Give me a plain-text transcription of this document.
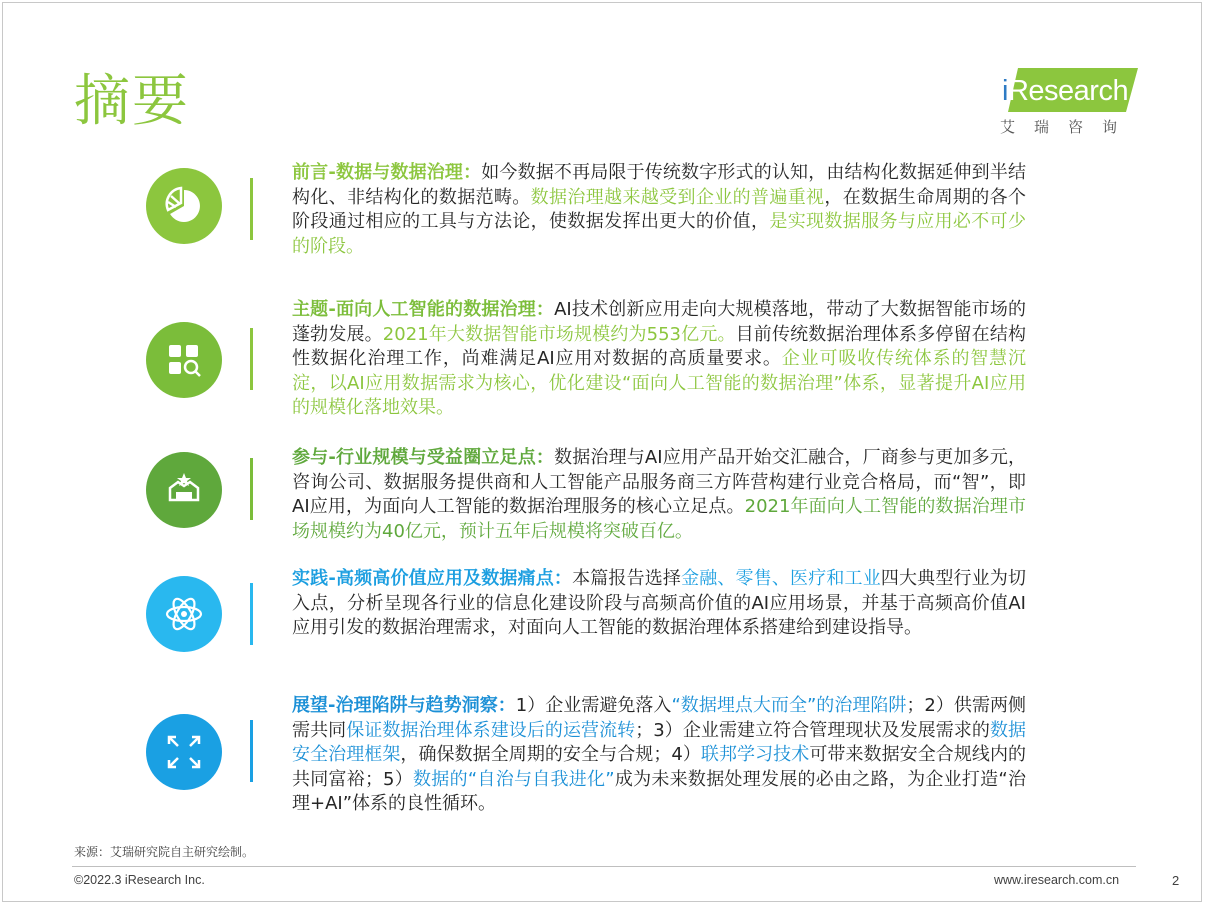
摘要	iResearch
艾瑞咨询
前言-数据与数据治理：如今数据不再局限于传统数字形式的认知，由结构化数据延伸到半结构化、非结构化的数据范畴。数据治理越来越受到企业的普遍重视，在数据生命周期的各个阶段通过相应的工具与方法论，使数据发挥出更大的价值，是实现数据服务与应用必不可少的阶段。
主题-面向人工智能的数据治理：AI技术创新应用走向大规模落地，带动了大数据智能市场的蓬勃发展。2021年大数据智能市场规模约为553亿元。目前传统数据治理体系多停留在结构性数据化治理工作，尚难满足AI应用对数据的高质量要求。企业可吸收传统体系的智慧沉淀，以AI应用数据需求为核心，优化建设“面向人工智能的数据治理”体系，显著提升AI应用的规模化落地效果。
参与-行业规模与受益圈立足点：数据治理与AI应用产品开始交汇融合，厂商参与更加多元，咨询公司、数据服务提供商和人工智能产品服务商三方阵营构建行业竞合格局，而“智”，即AI应用，为面向人工智能的数据治理服务的核心立足点。2021年面向人工智能的数据治理市场规模约为40亿元，预计五年后规模将突破百亿。
实践-高频高价值应用及数据痛点：本篇报告选择金融、零售、医疗和工业四大典型行业为切入点，分析呈现各行业的信息化建设阶段与高频高价值的AI应用场景，并基于高频高价值AI应用引发的数据治理需求，对面向人工智能的数据治理体系搭建给到建设指导。
展望-治理陷阱与趋势洞察：1）企业需避免落入“数据埋点大而全”的治理陷阱；2）供需两侧需共同保证数据治理体系建设后的运营流转；3）企业需建立符合管理现状及发展需求的数据安全治理框架，确保数据全周期的安全与合规；4）联邦学习技术可带来数据安全合规线内的共同富裕；5）数据的“自治与自我进化”成为未来数据处理发展的必由之路，为企业打造“治理+AI”体系的良性循环。
来源：艾瑞研究院自主研究绘制。
©2022.3 iResearch Inc.	www.iresearch.com.cn	2
